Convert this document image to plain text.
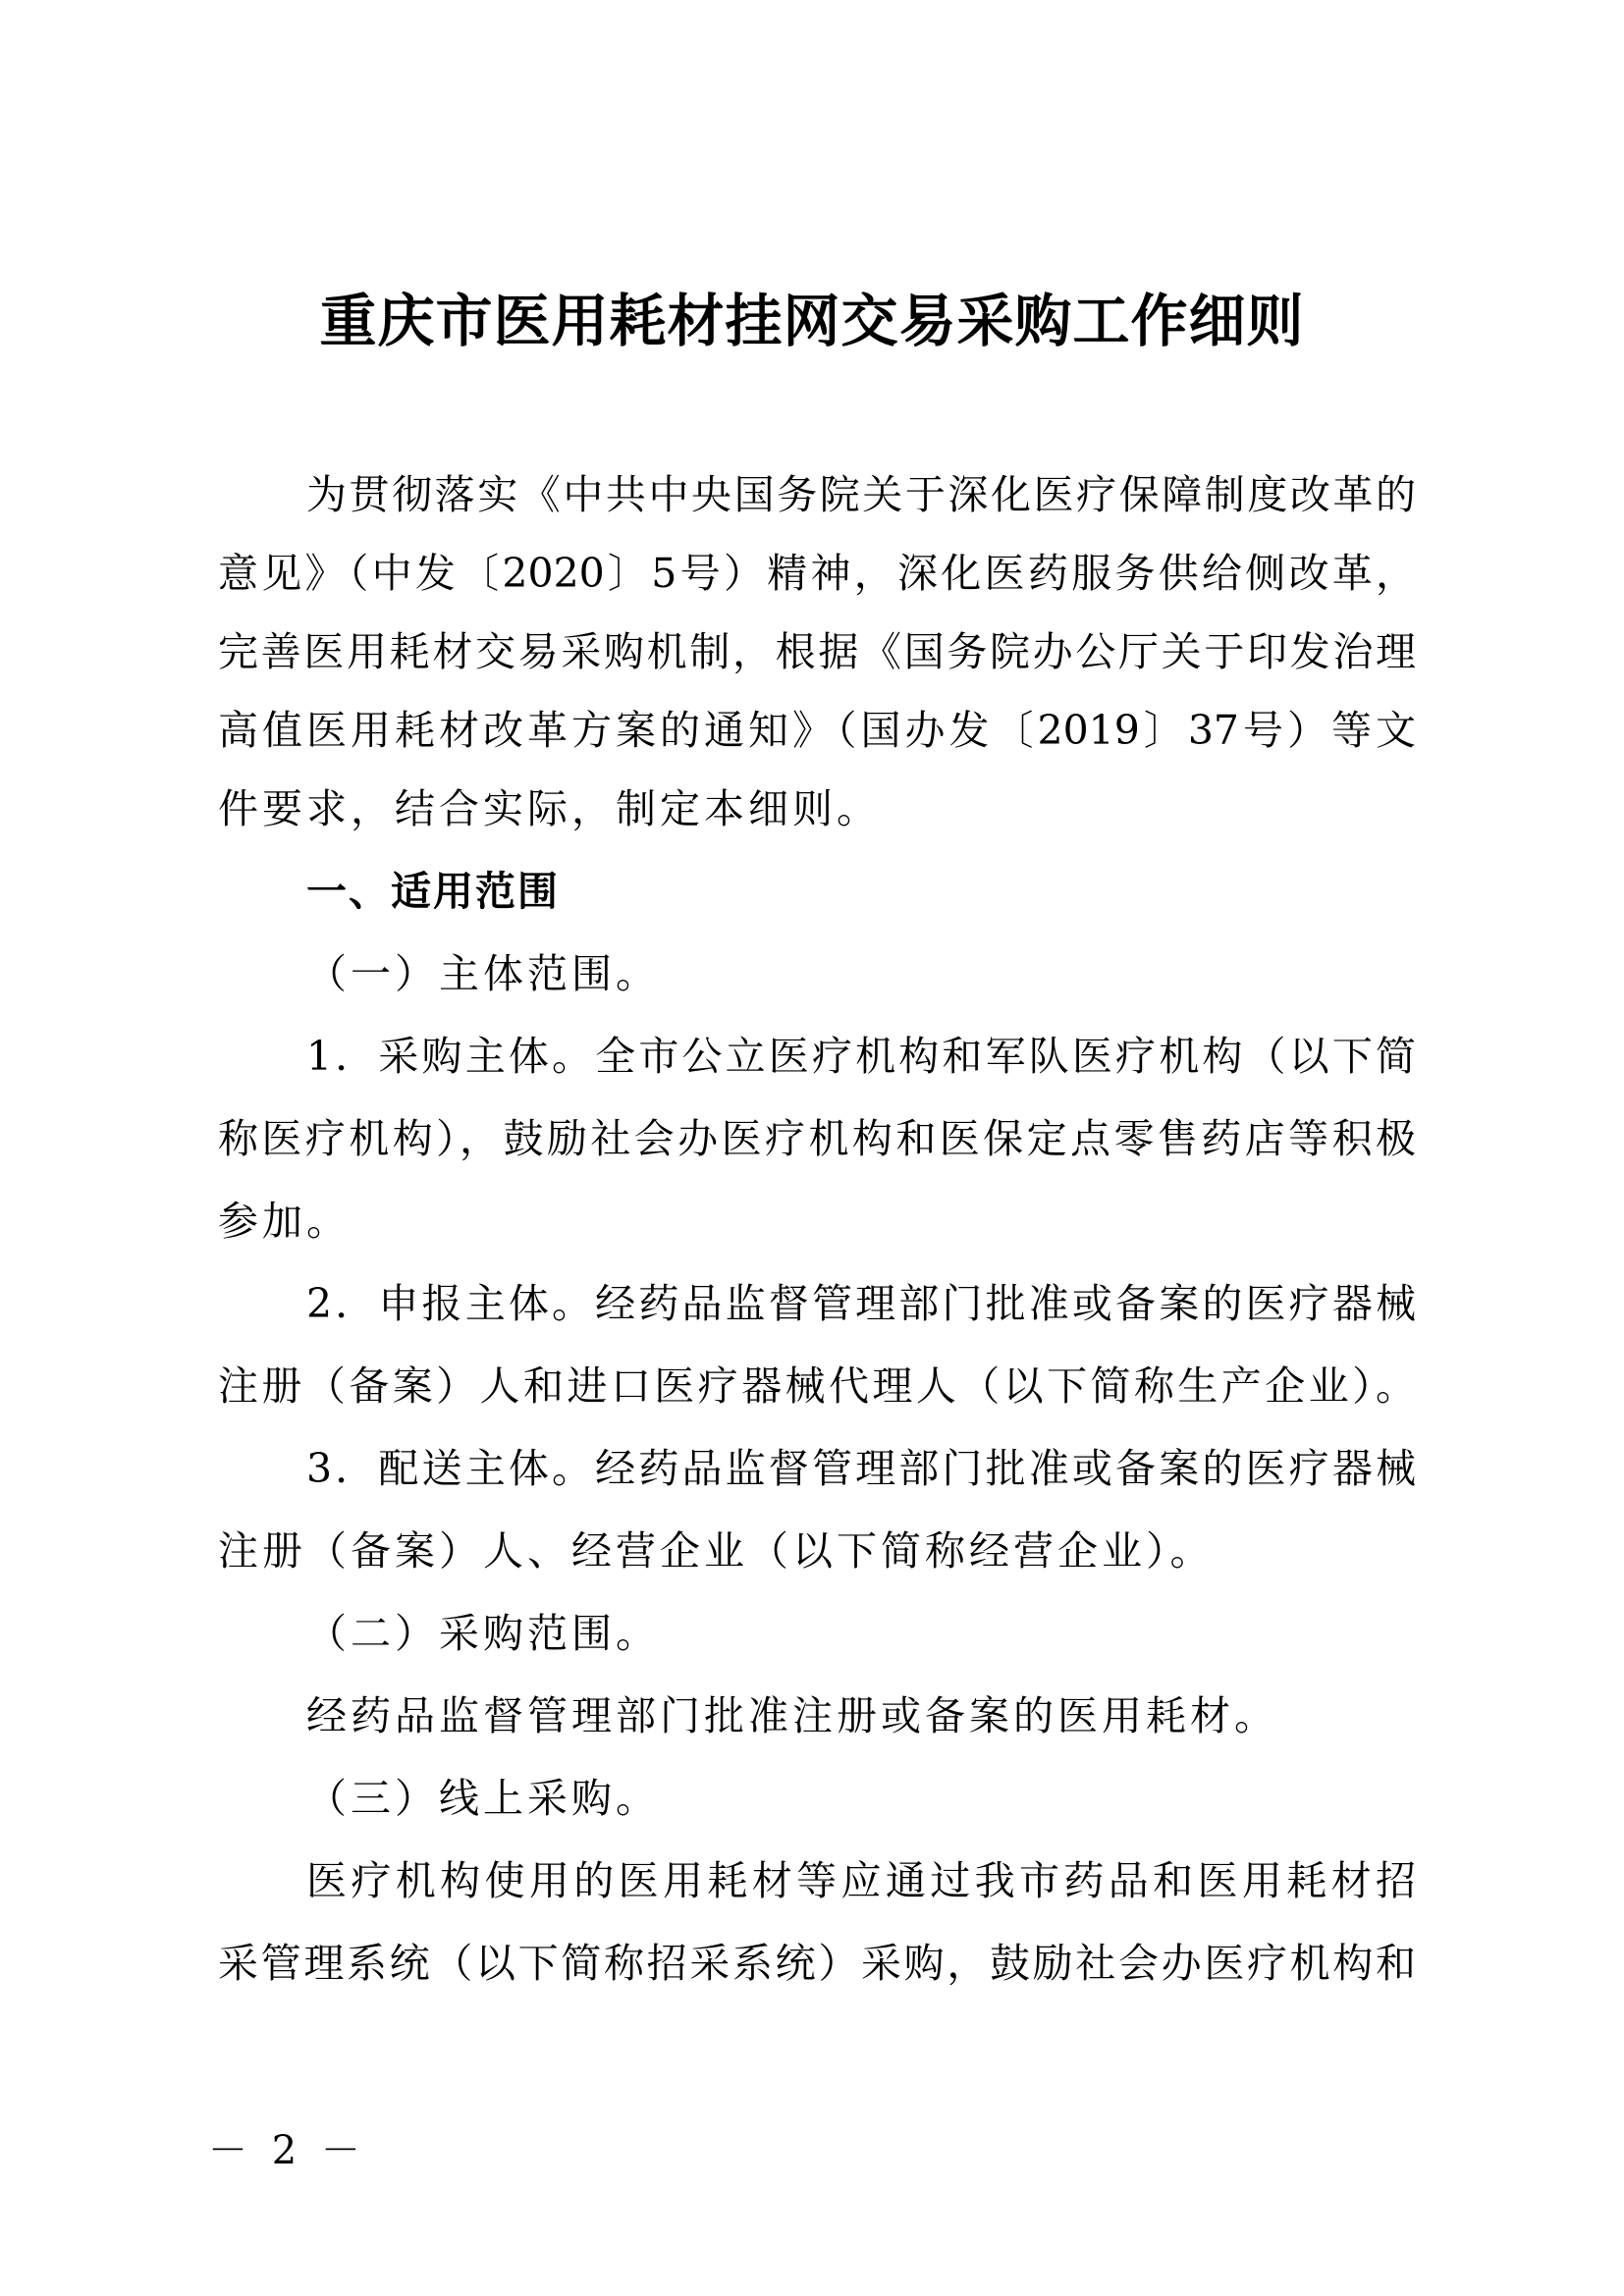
重庆市医用耗材挂网交易采购工作细则
为贯彻落实《中共中央国务院关于深化医疗保障制度改革的
意见》（中发〔2020〕5号）精神，深化医药服务供给侧改革，
完善医用耗材交易采购机制，根据《国务院办公厅关于印发治理
高值医用耗材改革方案的通知》（国办发〔2019〕37号）等文
件要求，结合实际，制定本细则。
一、适用范围
（一）主体范围。
1．采购主体。全市公立医疗机构和军队医疗机构（以下简
称医疗机构），鼓励社会办医疗机构和医保定点零售药店等积极
参加。
2．申报主体。经药品监督管理部门批准或备案的医疗器械
注册（备案）人和进口医疗器械代理人（以下简称生产企业）。
3．配送主体。经药品监督管理部门批准或备案的医疗器械
注册（备案）人、经营企业（以下简称经营企业）。
（二）采购范围。
经药品监督管理部门批准注册或备案的医用耗材。
（三）线上采购。
医疗机构使用的医用耗材等应通过我市药品和医用耗材招
采管理系统（以下简称招采系统）采购，鼓励社会办医疗机构和
－ 2 －
